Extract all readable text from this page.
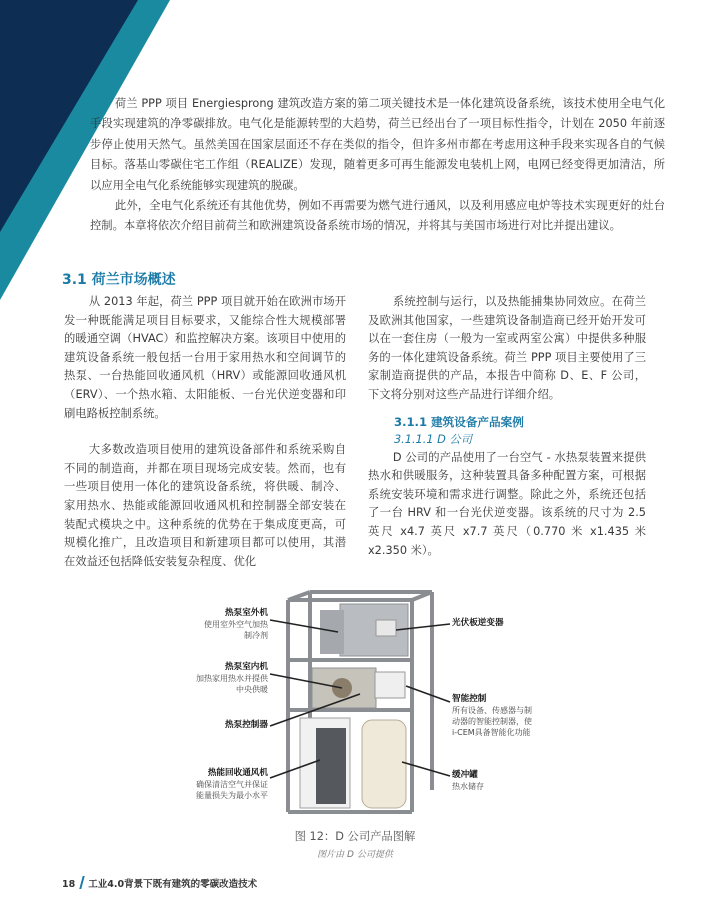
荷兰 PPP 项目 Energiesprong 建筑改造方案的第二项关键技术是一体化建筑设备系统，该技术使用全电气化手段实现建筑的净零碳排放。电气化是能源转型的大趋势，荷兰已经出台了一项目标性指令，计划在 2050 年前逐步停止使用天然气。虽然美国在国家层面还不存在类似的指令，但许多州市都在考虑用这种手段来实现各自的气候目标。落基山零碳住宅工作组（REALIZE）发现，随着更多可再生能源发电装机上网，电网已经变得更加清洁，所以应用全电气化系统能够实现建筑的脱碳。

此外，全电气化系统还有其他优势，例如不再需要为燃气进行通风，以及利用感应电炉等技术实现更好的灶台控制。本章将依次介绍目前荷兰和欧洲建筑设备系统市场的情况，并将其与美国市场进行对比并提出建议。

3.1 荷兰市场概述

从 2013 年起，荷兰 PPP 项目就开始在欧洲市场开发一种既能满足项目目标要求，又能综合性大规模部署的暖通空调（HVAC）和监控解决方案。该项目中使用的建筑设备系统一般包括一台用于家用热水和空间调节的热泵、一台热能回收通风机（HRV）或能源回收通风机（ERV）、一个热水箱、太阳能板、一台光伏逆变器和印刷电路板控制系统。

大多数改造项目使用的建筑设备部件和系统采购自不同的制造商，并都在项目现场完成安装。然而，也有一些项目使用一体化的建筑设备系统，将供暖、制冷、家用热水、热能或能源回收通风机和控制器全部安装在装配式模块之中。这种系统的优势在于集成度更高，可规模化推广，且改造项目和新建项目都可以使用，其潜在效益还包括降低安装复杂程度、优化

系统控制与运行，以及热能捕集协同效应。在荷兰及欧洲其他国家，一些建筑设备制造商已经开始开发可以在一套住房（一般为一室或两室公寓）中提供多种服务的一体化建筑设备系统。荷兰 PPP 项目主要使用了三家制造商提供的产品，本报告中简称 D、E、F 公司，下文将分别对这些产品进行详细介绍。

3.1.1 建筑设备产品案例
3.1.1.1 D 公司

D 公司的产品使用了一台空气 - 水热泵装置来提供热水和供暖服务，这种装置具备多种配置方案，可根据系统安装环境和需求进行调整。除此之外，系统还包括了一台 HRV 和一台光伏逆变器。该系统的尺寸为 2.5 英尺 x4.7 英尺 x7.7 英尺（0.770 米 x1.435 米 x2.350 米）。

热泵室外机
使用室外空气加热
制冷剂
热泵室内机
加热家用热水并提供
中央供暖
热泵控制器
热能回收通风机
确保清洁空气并保证
能量损失为最小水平
光伏板逆变器
智能控制
所有设备、传感器与制
动器的智能控制器，使
i-CEM具备智能化功能
缓冲罐
热水储存
图 12：D 公司产品图解
图片由 D 公司提供
18 工业4.0背景下既有建筑的零碳改造技术
